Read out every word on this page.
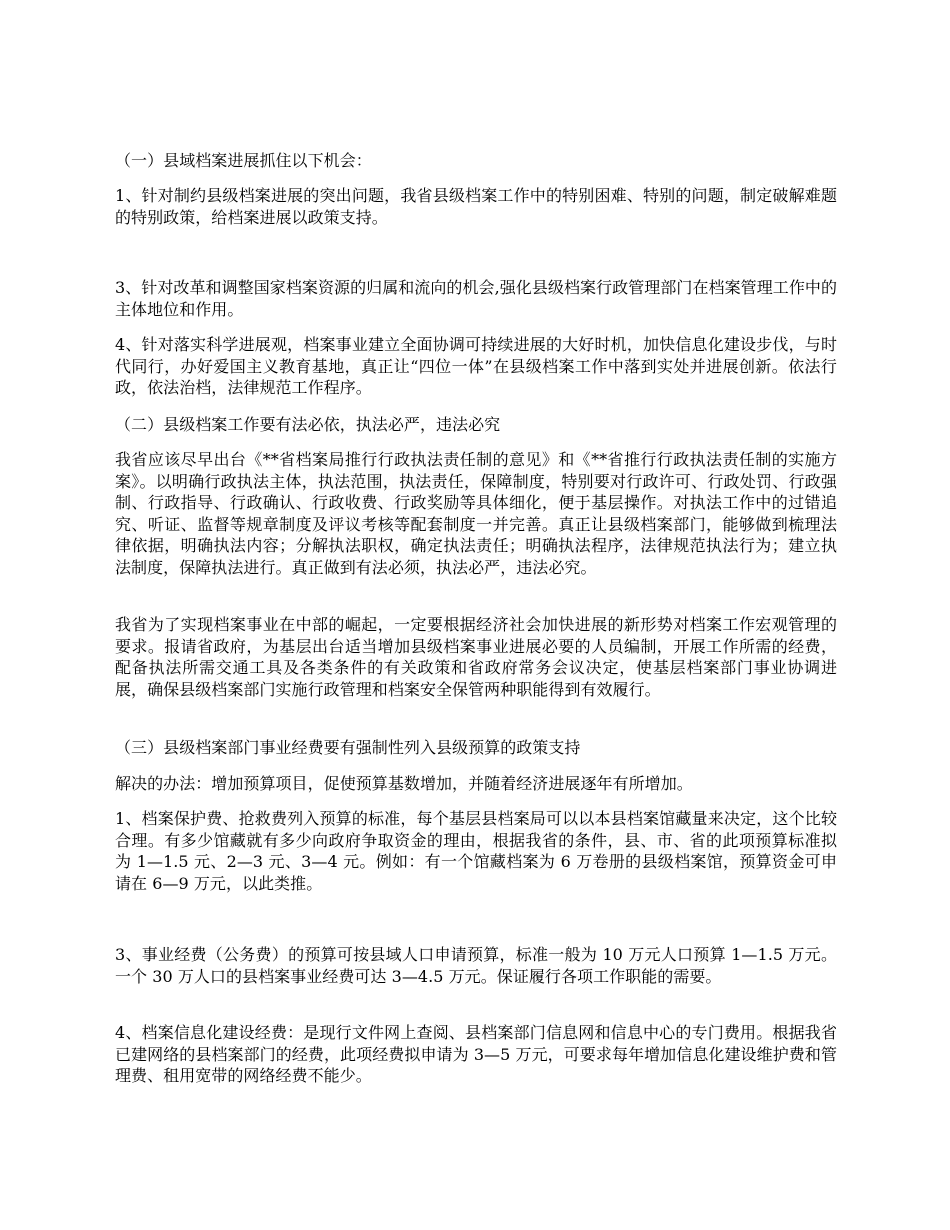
（一）县域档案进展抓住以下机会：

1、针对制约县级档案进展的突出问题，我省县级档案工作中的特别困难、特别的问题，制定破解难题的特别政策，给档案进展以政策支持。

3、针对改革和调整国家档案资源的归属和流向的机会,强化县级档案行政管理部门在档案管理工作中的主体地位和作用。

4、针对落实科学进展观，档案事业建立全面协调可持续进展的大好时机，加快信息化建设步伐，与时代同行，办好爱国主义教育基地，真正让“四位一体”在县级档案工作中落到实处并进展创新。依法行政，依法治档，法律规范工作程序。

（二）县级档案工作要有法必依，执法必严，违法必究

我省应该尽早出台《**省档案局推行行政执法责任制的意见》和《**省推行行政执法责任制的实施方案》。以明确行政执法主体，执法范围，执法责任，保障制度，特别要对行政许可、行政处罚、行政强制、行政指导、行政确认、行政收费、行政奖励等具体细化，便于基层操作。对执法工作中的过错追究、听证、监督等规章制度及评议考核等配套制度一并完善。真正让县级档案部门，能够做到梳理法律依据，明确执法内容；分解执法职权，确定执法责任；明确执法程序，法律规范执法行为；建立执法制度，保障执法进行。真正做到有法必须，执法必严，违法必究。

我省为了实现档案事业在中部的崛起，一定要根据经济社会加快进展的新形势对档案工作宏观管理的要求。报请省政府，为基层出台适当增加县级档案事业进展必要的人员编制，开展工作所需的经费，配备执法所需交通工具及各类条件的有关政策和省政府常务会议决定，使基层档案部门事业协调进展，确保县级档案部门实施行政管理和档案安全保管两种职能得到有效履行。

（三）县级档案部门事业经费要有强制性列入县级预算的政策支持

解决的办法：增加预算项目，促使预算基数增加，并随着经济进展逐年有所增加。

1、档案保护费、抢救费列入预算的标准，每个基层县档案局可以以本县档案馆藏量来决定，这个比较合理。有多少馆藏就有多少向政府争取资金的理由，根据我省的条件，县、市、省的此项预算标准拟为 1—1.5 元、2—3 元、3—4 元。例如：有一个馆藏档案为 6 万卷册的县级档案馆，预算资金可申请在 6—9 万元，以此类推。

3、事业经费（公务费）的预算可按县域人口申请预算，标准一般为 10 万元人口预算 1—1.5 万元。一个 30 万人口的县档案事业经费可达 3—4.5 万元。保证履行各项工作职能的需要。

4、档案信息化建设经费：是现行文件网上查阅、县档案部门信息网和信息中心的专门费用。根据我省已建网络的县档案部门的经费，此项经费拟申请为 3—5 万元，可要求每年增加信息化建设维护费和管理费、租用宽带的网络经费不能少。
